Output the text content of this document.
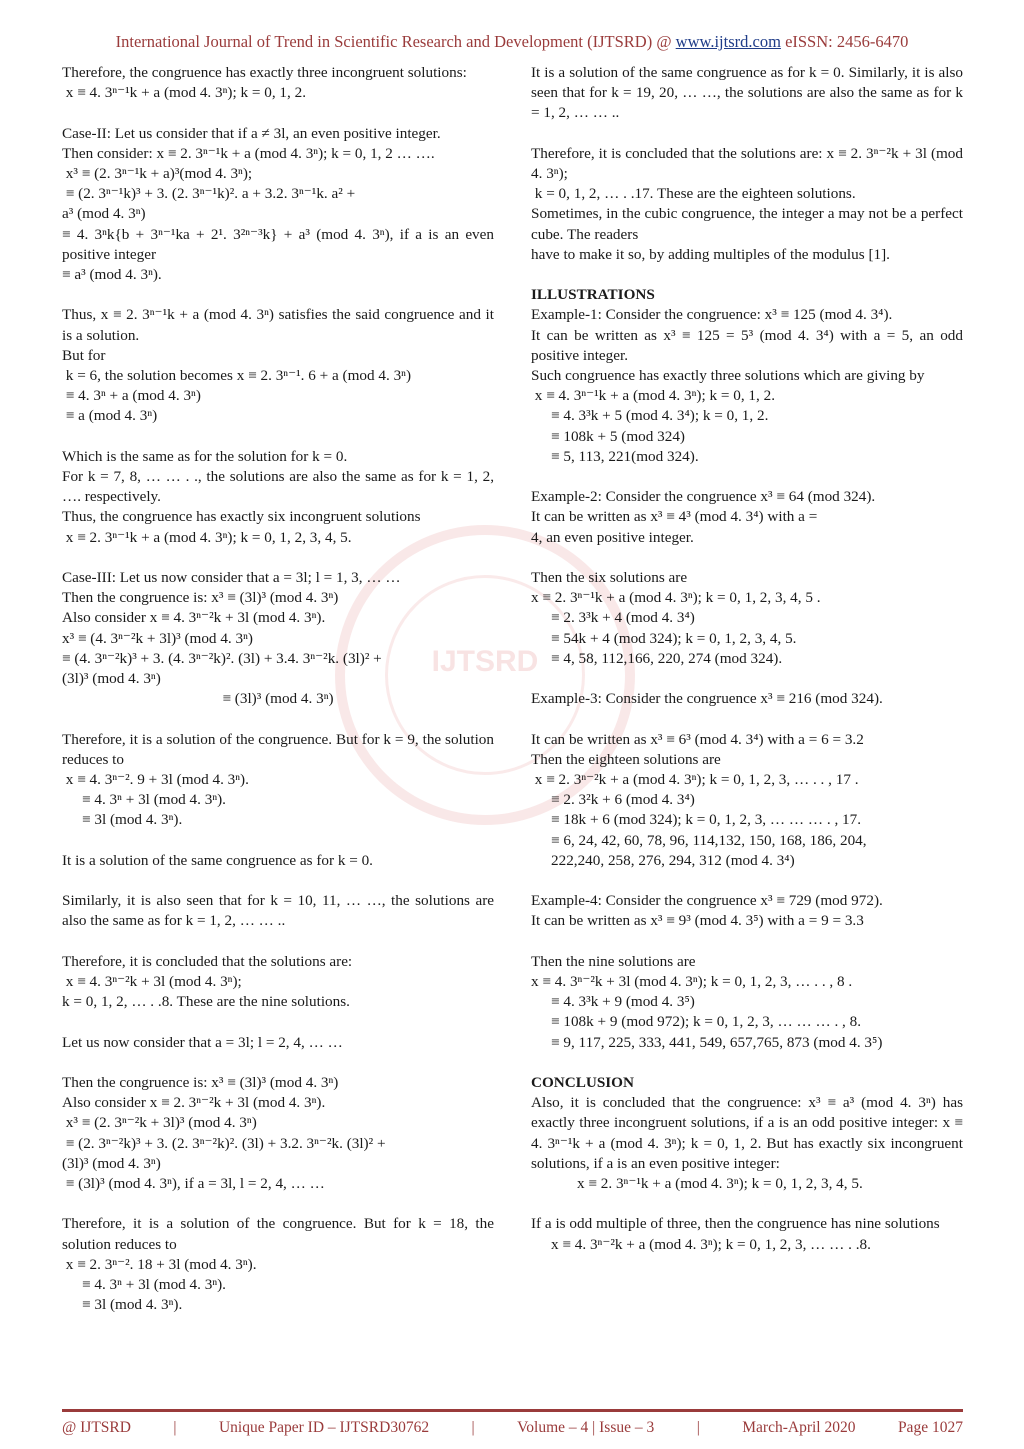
International Journal of Trend in Scientific Research and Development (IJTSRD) @ www.ijtsrd.com eISSN: 2456-6470
IJTSRD

Therefore, the congruence has exactly three incongruent solutions:

x ≡ 4. 3ⁿ⁻¹k + a (mod 4. 3ⁿ); k = 0, 1, 2.

Case-II: Let us consider that if a ≠ 3l, an even positive integer.

Then consider: x ≡ 2. 3ⁿ⁻¹k + a (mod 4. 3ⁿ); k = 0, 1, 2 … ….

x³ ≡ (2. 3ⁿ⁻¹k + a)³(mod 4. 3ⁿ);

≡ (2. 3ⁿ⁻¹k)³ + 3. (2. 3ⁿ⁻¹k)². a + 3.2. 3ⁿ⁻¹k. a² +

a³ (mod 4. 3ⁿ)

≡ 4. 3ⁿk{b + 3ⁿ⁻¹ka + 2¹. 3²ⁿ⁻³k} + a³ (mod 4. 3ⁿ), if a is an even positive integer

≡ a³ (mod 4. 3ⁿ).

Thus, x ≡ 2. 3ⁿ⁻¹k + a (mod 4. 3ⁿ) satisfies the said congruence and it is a solution.

But for

k = 6, the solution becomes x ≡ 2. 3ⁿ⁻¹. 6 + a (mod 4. 3ⁿ)

≡ 4. 3ⁿ + a (mod 4. 3ⁿ)

≡ a (mod 4. 3ⁿ)

Which is the same as for the solution for k = 0.

For k = 7, 8, … … . ., the solutions are also the same as for k = 1, 2, …. respectively.

Thus, the congruence has exactly six incongruent solutions

x ≡ 2. 3ⁿ⁻¹k + a (mod 4. 3ⁿ); k = 0, 1, 2, 3, 4, 5.

Case-III: Let us now consider that a = 3l; l = 1, 3, … …

Then the congruence is: x³ ≡ (3l)³ (mod 4. 3ⁿ)

Also consider x ≡ 4. 3ⁿ⁻²k + 3l (mod 4. 3ⁿ).

x³ ≡ (4. 3ⁿ⁻²k + 3l)³ (mod 4. 3ⁿ)

≡ (4. 3ⁿ⁻²k)³ + 3. (4. 3ⁿ⁻²k)². (3l) + 3.4. 3ⁿ⁻²k. (3l)² +

(3l)³ (mod 4. 3ⁿ)

≡ (3l)³ (mod 4. 3ⁿ)

Therefore, it is a solution of the congruence. But for k = 9, the solution reduces to

x ≡ 4. 3ⁿ⁻². 9 + 3l (mod 4. 3ⁿ).

≡ 4. 3ⁿ + 3l (mod 4. 3ⁿ).

≡ 3l (mod 4. 3ⁿ).

It is a solution of the same congruence as for k = 0.

Similarly, it is also seen that for k = 10, 11, … …, the solutions are also the same as for k = 1, 2, … … ..

Therefore, it is concluded that the solutions are:

x ≡ 4. 3ⁿ⁻²k + 3l (mod 4. 3ⁿ);

k = 0, 1, 2, … . .8. These are the nine solutions.

Let us now consider that a = 3l; l = 2, 4, … …

Then the congruence is: x³ ≡ (3l)³ (mod 4. 3ⁿ)

Also consider x ≡ 2. 3ⁿ⁻²k + 3l (mod 4. 3ⁿ).

x³ ≡ (2. 3ⁿ⁻²k + 3l)³ (mod 4. 3ⁿ)

≡ (2. 3ⁿ⁻²k)³ + 3. (2. 3ⁿ⁻²k)². (3l) + 3.2. 3ⁿ⁻²k. (3l)² +

(3l)³ (mod 4. 3ⁿ)

≡ (3l)³ (mod 4. 3ⁿ), if a = 3l, l = 2, 4, … …

Therefore, it is a solution of the congruence. But for k = 18, the solution reduces to

x ≡ 2. 3ⁿ⁻². 18 + 3l (mod 4. 3ⁿ).

≡ 4. 3ⁿ + 3l (mod 4. 3ⁿ).

≡ 3l (mod 4. 3ⁿ).

It is a solution of the same congruence as for k = 0. Similarly, it is also seen that for k = 19, 20, … …, the solutions are also the same as for k = 1, 2, … … ..

Therefore, it is concluded that the solutions are: x ≡ 2. 3ⁿ⁻²k + 3l (mod 4. 3ⁿ);

k = 0, 1, 2, … . .17. These are the eighteen solutions.

Sometimes, in the cubic congruence, the integer a may not be a perfect cube. The readers

have to make it so, by adding multiples of the modulus [1].

ILLUSTRATIONS

Example-1: Consider the congruence: x³ ≡ 125 (mod 4. 3⁴).

It can be written as x³ ≡ 125 = 5³ (mod 4. 3⁴) with a = 5, an odd positive integer.

Such congruence has exactly three solutions which are giving by

x ≡ 4. 3ⁿ⁻¹k + a (mod 4. 3ⁿ); k = 0, 1, 2.

≡ 4. 3³k + 5 (mod 4. 3⁴); k = 0, 1, 2.

≡ 108k + 5 (mod 324)

≡ 5, 113, 221(mod 324).

Example-2: Consider the congruence x³ ≡ 64 (mod 324).

It can be written as x³ ≡ 4³ (mod 4. 3⁴) with a =

4, an even positive integer.

Then the six solutions are

x ≡ 2. 3ⁿ⁻¹k + a (mod 4. 3ⁿ); k = 0, 1, 2, 3, 4, 5 .

≡ 2. 3³k + 4 (mod 4. 3⁴)

≡ 54k + 4 (mod 324); k = 0, 1, 2, 3, 4, 5.

≡ 4, 58, 112,166, 220, 274 (mod 324).

Example-3: Consider the congruence x³ ≡ 216 (mod 324).

It can be written as x³ ≡ 6³ (mod 4. 3⁴) with a = 6 = 3.2

Then the eighteen solutions are

x ≡ 2. 3ⁿ⁻²k + a (mod 4. 3ⁿ); k = 0, 1, 2, 3, … . . , 17 .

≡ 2. 3²k + 6 (mod 4. 3⁴)

≡ 18k + 6 (mod 324); k = 0, 1, 2, 3, … … … . , 17.

≡ 6, 24, 42, 60, 78, 96, 114,132, 150, 168, 186, 204,

222,240, 258, 276, 294, 312 (mod 4. 3⁴)

Example-4: Consider the congruence x³ ≡ 729 (mod 972).

It can be written as x³ ≡ 9³ (mod 4. 3⁵) with a = 9 = 3.3

Then the nine solutions are

x ≡ 4. 3ⁿ⁻²k + 3l (mod 4. 3ⁿ); k = 0, 1, 2, 3, … . . , 8 .

≡ 4. 3³k + 9 (mod 4. 3⁵)

≡ 108k + 9 (mod 972); k = 0, 1, 2, 3, … … … . , 8.

≡ 9, 117, 225, 333, 441, 549, 657,765, 873 (mod 4. 3⁵)

CONCLUSION

Also, it is concluded that the congruence: x³ ≡ a³ (mod 4. 3ⁿ) has exactly three incongruent solutions, if a is an odd positive integer: x ≡ 4. 3ⁿ⁻¹k + a (mod 4. 3ⁿ); k = 0, 1, 2. But has exactly six incongruent solutions, if a is an even positive integer:

x ≡ 2. 3ⁿ⁻¹k + a (mod 4. 3ⁿ); k = 0, 1, 2, 3, 4, 5.

If a is odd multiple of three, then the congruence has nine solutions

x ≡ 4. 3ⁿ⁻²k + a (mod 4. 3ⁿ); k = 0, 1, 2, 3, … … . .8.

@ IJTSRD	|	Unique Paper ID – IJTSRD30762	|	Volume – 4 | Issue – 3	|	March-April 2020	Page 1027
